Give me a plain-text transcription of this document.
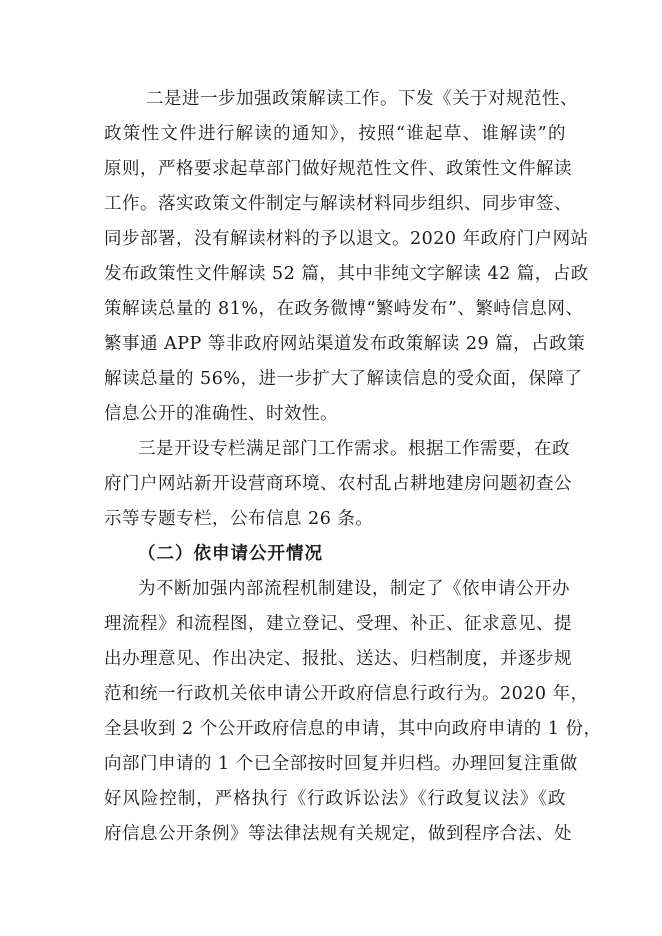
二是进一步加强政策解读工作。下发《关于对规范性、
政策性文件进行解读的通知》，按照“谁起草、谁解读”的
原则，严格要求起草部门做好规范性文件、政策性文件解读
工作。落实政策文件制定与解读材料同步组织、同步审签、
同步部署，没有解读材料的予以退文。2020 年政府门户网站
发布政策性文件解读 52 篇，其中非纯文字解读 42 篇，占政
策解读总量的 81%，在政务微博“繁峙发布”、繁峙信息网、
繁事通 APP 等非政府网站渠道发布政策解读 29 篇，占政策
解读总量的 56%，进一步扩大了解读信息的受众面，保障了
信息公开的准确性、时效性。
三是开设专栏满足部门工作需求。根据工作需要，在政
府门户网站新开设营商环境、农村乱占耕地建房问题初查公
示等专题专栏，公布信息 26 条。
（二）依申请公开情况
为不断加强内部流程机制建设，制定了《依申请公开办
理流程》和流程图，建立登记、受理、补正、征求意见、提
出办理意见、作出决定、报批、送达、归档制度，并逐步规
范和统一行政机关依申请公开政府信息行政行为。2020 年，
全县收到 2 个公开政府信息的申请，其中向政府申请的 1 份，
向部门申请的 1 个已全部按时回复并归档。办理回复注重做
好风险控制，严格执行《行政诉讼法》《行政复议法》《政
府信息公开条例》等法律法规有关规定，做到程序合法、处
